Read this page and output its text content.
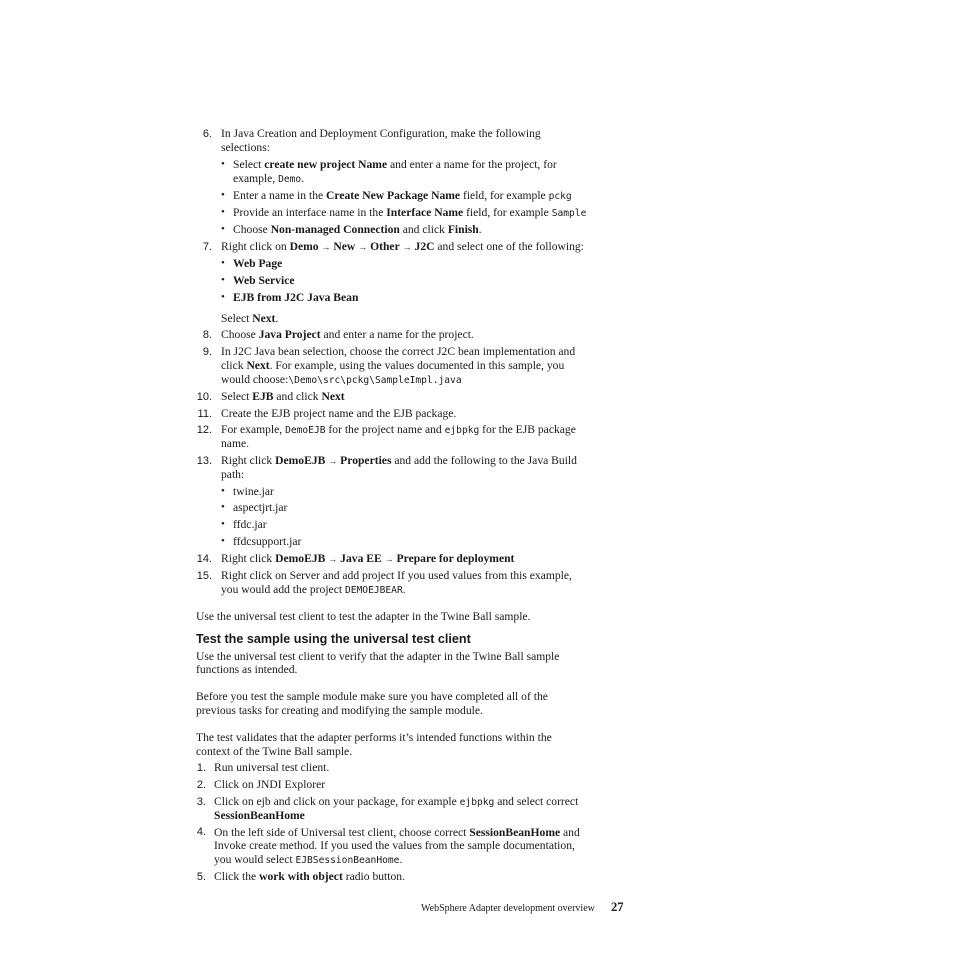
6. In Java Creation and Deployment Configuration, make the following
selections:
• Select create new project Name and enter a name for the project, for
example, Demo.
• Enter a name in the Create New Package Name field, for example pckg
• Provide an interface name in the Interface Name field, for example Sample
• Choose Non-managed Connection and click Finish.
7. Right click on Demo → New → Other → J2C and select one of the following:
• Web Page
• Web Service
• EJB from J2C Java Bean
Select Next.
8. Choose Java Project and enter a name for the project.
9. In J2C Java bean selection, choose the correct J2C bean implementation and
click Next. For example, using the values documented in this sample, you
would choose:\Demo\src\pckg\SampleImpl.java
10. Select EJB and click Next
11. Create the EJB project name and the EJB package.
12. For example, DemoEJB for the project name and ejbpkg for the EJB package
name.
13. Right click DemoEJB → Properties and add the following to the Java Build
path:
• twine.jar
• aspectjrt.jar
• ffdc.jar
• ffdcsupport.jar
14. Right click DemoEJB → Java EE → Prepare for deployment
15. Right click on Server and add project If you used values from this example,
you would add the project DEMOEJBEAR.
Use the universal test client to test the adapter in the Twine Ball sample.
Test the sample using the universal test client
Use the universal test client to verify that the adapter in the Twine Ball sample
functions as intended.
Before you test the sample module make sure you have completed all of the
previous tasks for creating and modifying the sample module.
The test validates that the adapter performs it’s intended functions within the
context of the Twine Ball sample.
1. Run universal test client.
2. Click on JNDI Explorer
3. Click on ejb and click on your package, for example ejbpkg and select correct
SessionBeanHome
4. On the left side of Universal test client, choose correct SessionBeanHome and
Invoke create method. If you used the values from the sample documentation,
you would select EJBSessionBeanHome.
5. Click the work with object radio button.
WebSphere Adapter development overview 27
